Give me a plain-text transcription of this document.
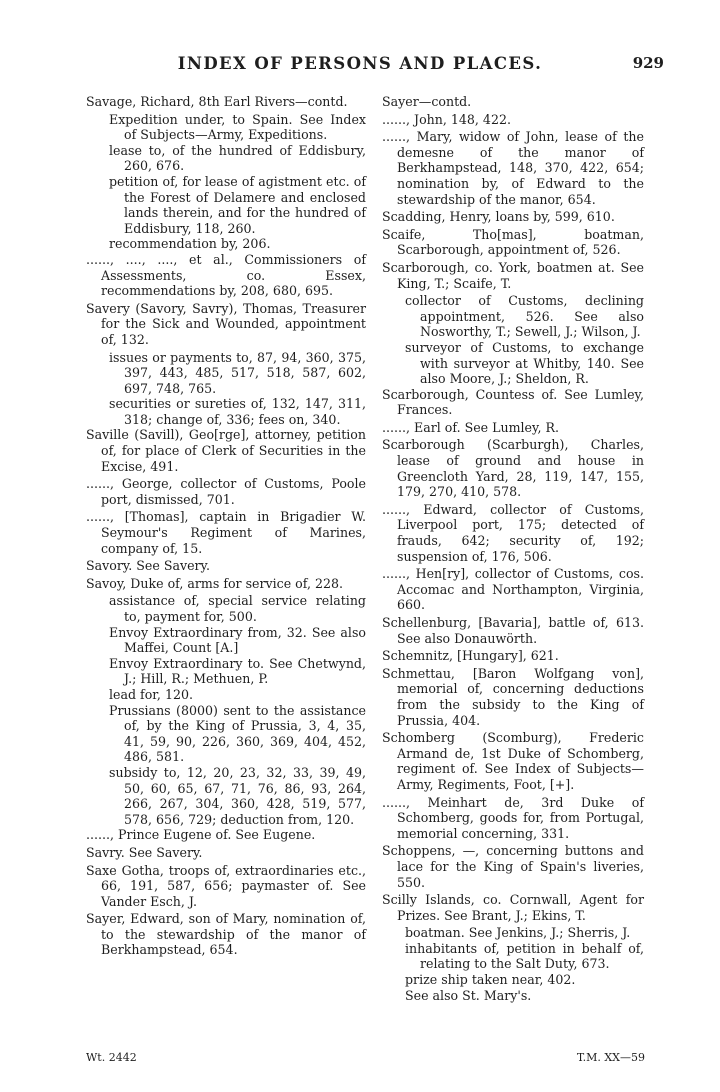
INDEX OF PERSONS AND PLACES.	929
Savage, Richard, 8th Earl Rivers—contd.
Expedition under, to Spain. See Index of Subjects—Army, Expeditions.
lease to, of the hundred of Eddisbury, 260, 676.
petition of, for lease of agistment etc. of the Forest of Delamere and enclosed lands therein, and for the hundred of Eddisbury, 118, 260.
recommendation by, 206.
......, ...., ...., et al., Commissioners of Assessments, co. Essex, recommendations by, 208, 680, 695.
Savery (Savory, Savry), Thomas, Treasurer for the Sick and Wounded, appointment of, 132.
issues or payments to, 87, 94, 360, 375, 397, 443, 485, 517, 518, 587, 602, 697, 748, 765.
securities or sureties of, 132, 147, 311, 318; change of, 336; fees on, 340.
Saville (Savill), Geo[rge], attorney, petition of, for place of Clerk of Securities in the Excise, 491.
......, George, collector of Customs, Poole port, dismissed, 701.
......, [Thomas], captain in Brigadier W. Seymour's Regiment of Marines, company of, 15.
Savory. See Savery.
Savoy, Duke of, arms for service of, 228.
assistance of, special service relating to, payment for, 500.
Envoy Extraordinary from, 32. See also Maffei, Count [A.]
Envoy Extraordinary to. See Chetwynd, J.; Hill, R.; Methuen, P.
lead for, 120.
Prussians (8000) sent to the assistance of, by the King of Prussia, 3, 4, 35, 41, 59, 90, 226, 360, 369, 404, 452, 486, 581.
subsidy to, 12, 20, 23, 32, 33, 39, 49, 50, 60, 65, 67, 71, 76, 86, 93, 264, 266, 267, 304, 360, 428, 519, 577, 578, 656, 729; deduction from, 120.
......, Prince Eugene of. See Eugene.
Savry. See Savery.
Saxe Gotha, troops of, extraordinaries etc., 66, 191, 587, 656; paymaster of. See Vander Esch, J.
Sayer, Edward, son of Mary, nomination of, to the stewardship of the manor of Berkhampstead, 654.
Sayer—contd.
......, John, 148, 422.
......, Mary, widow of John, lease of the demesne of the manor of Berkhampstead, 148, 370, 422, 654; nomination by, of Edward to the stewardship of the manor, 654.
Scadding, Henry, loans by, 599, 610.
Scaife, Tho[mas], boatman, Scarborough, appointment of, 526.
Scarborough, co. York, boatmen at. See King, T.; Scaife, T.
collector of Customs, declining appointment, 526. See also Nosworthy, T.; Sewell, J.; Wilson, J.
surveyor of Customs, to exchange with surveyor at Whitby, 140. See also Moore, J.; Sheldon, R.
Scarborough, Countess of. See Lumley, Frances.
......, Earl of. See Lumley, R.
Scarborough (Scarburgh), Charles, lease of ground and house in Greencloth Yard, 28, 119, 147, 155, 179, 270, 410, 578.
......, Edward, collector of Customs, Liverpool port, 175; detected of frauds, 642; security of, 192; suspension of, 176, 506.
......, Hen[ry], collector of Customs, cos. Accomac and Northampton, Virginia, 660.
Schellenburg, [Bavaria], battle of, 613. See also Donauwörth.
Schemnitz, [Hungary], 621.
Schmettau, [Baron Wolfgang von], memorial of, concerning deductions from the subsidy to the King of Prussia, 404.
Schomberg (Scomburg), Frederic Armand de, 1st Duke of Schomberg, regiment of. See Index of Subjects—Army, Regiments, Foot, [+].
......, Meinhart de, 3rd Duke of Schomberg, goods for, from Portugal, memorial concerning, 331.
Schoppens, —, concerning buttons and lace for the King of Spain's liveries, 550.
Scilly Islands, co. Cornwall, Agent for Prizes. See Brant, J.; Ekins, T.
boatman. See Jenkins, J.; Sherris, J.
inhabitants of, petition in behalf of, relating to the Salt Duty, 673.
prize ship taken near, 402.
See also St. Mary's.
Wt. 2442	T.M. XX—59
